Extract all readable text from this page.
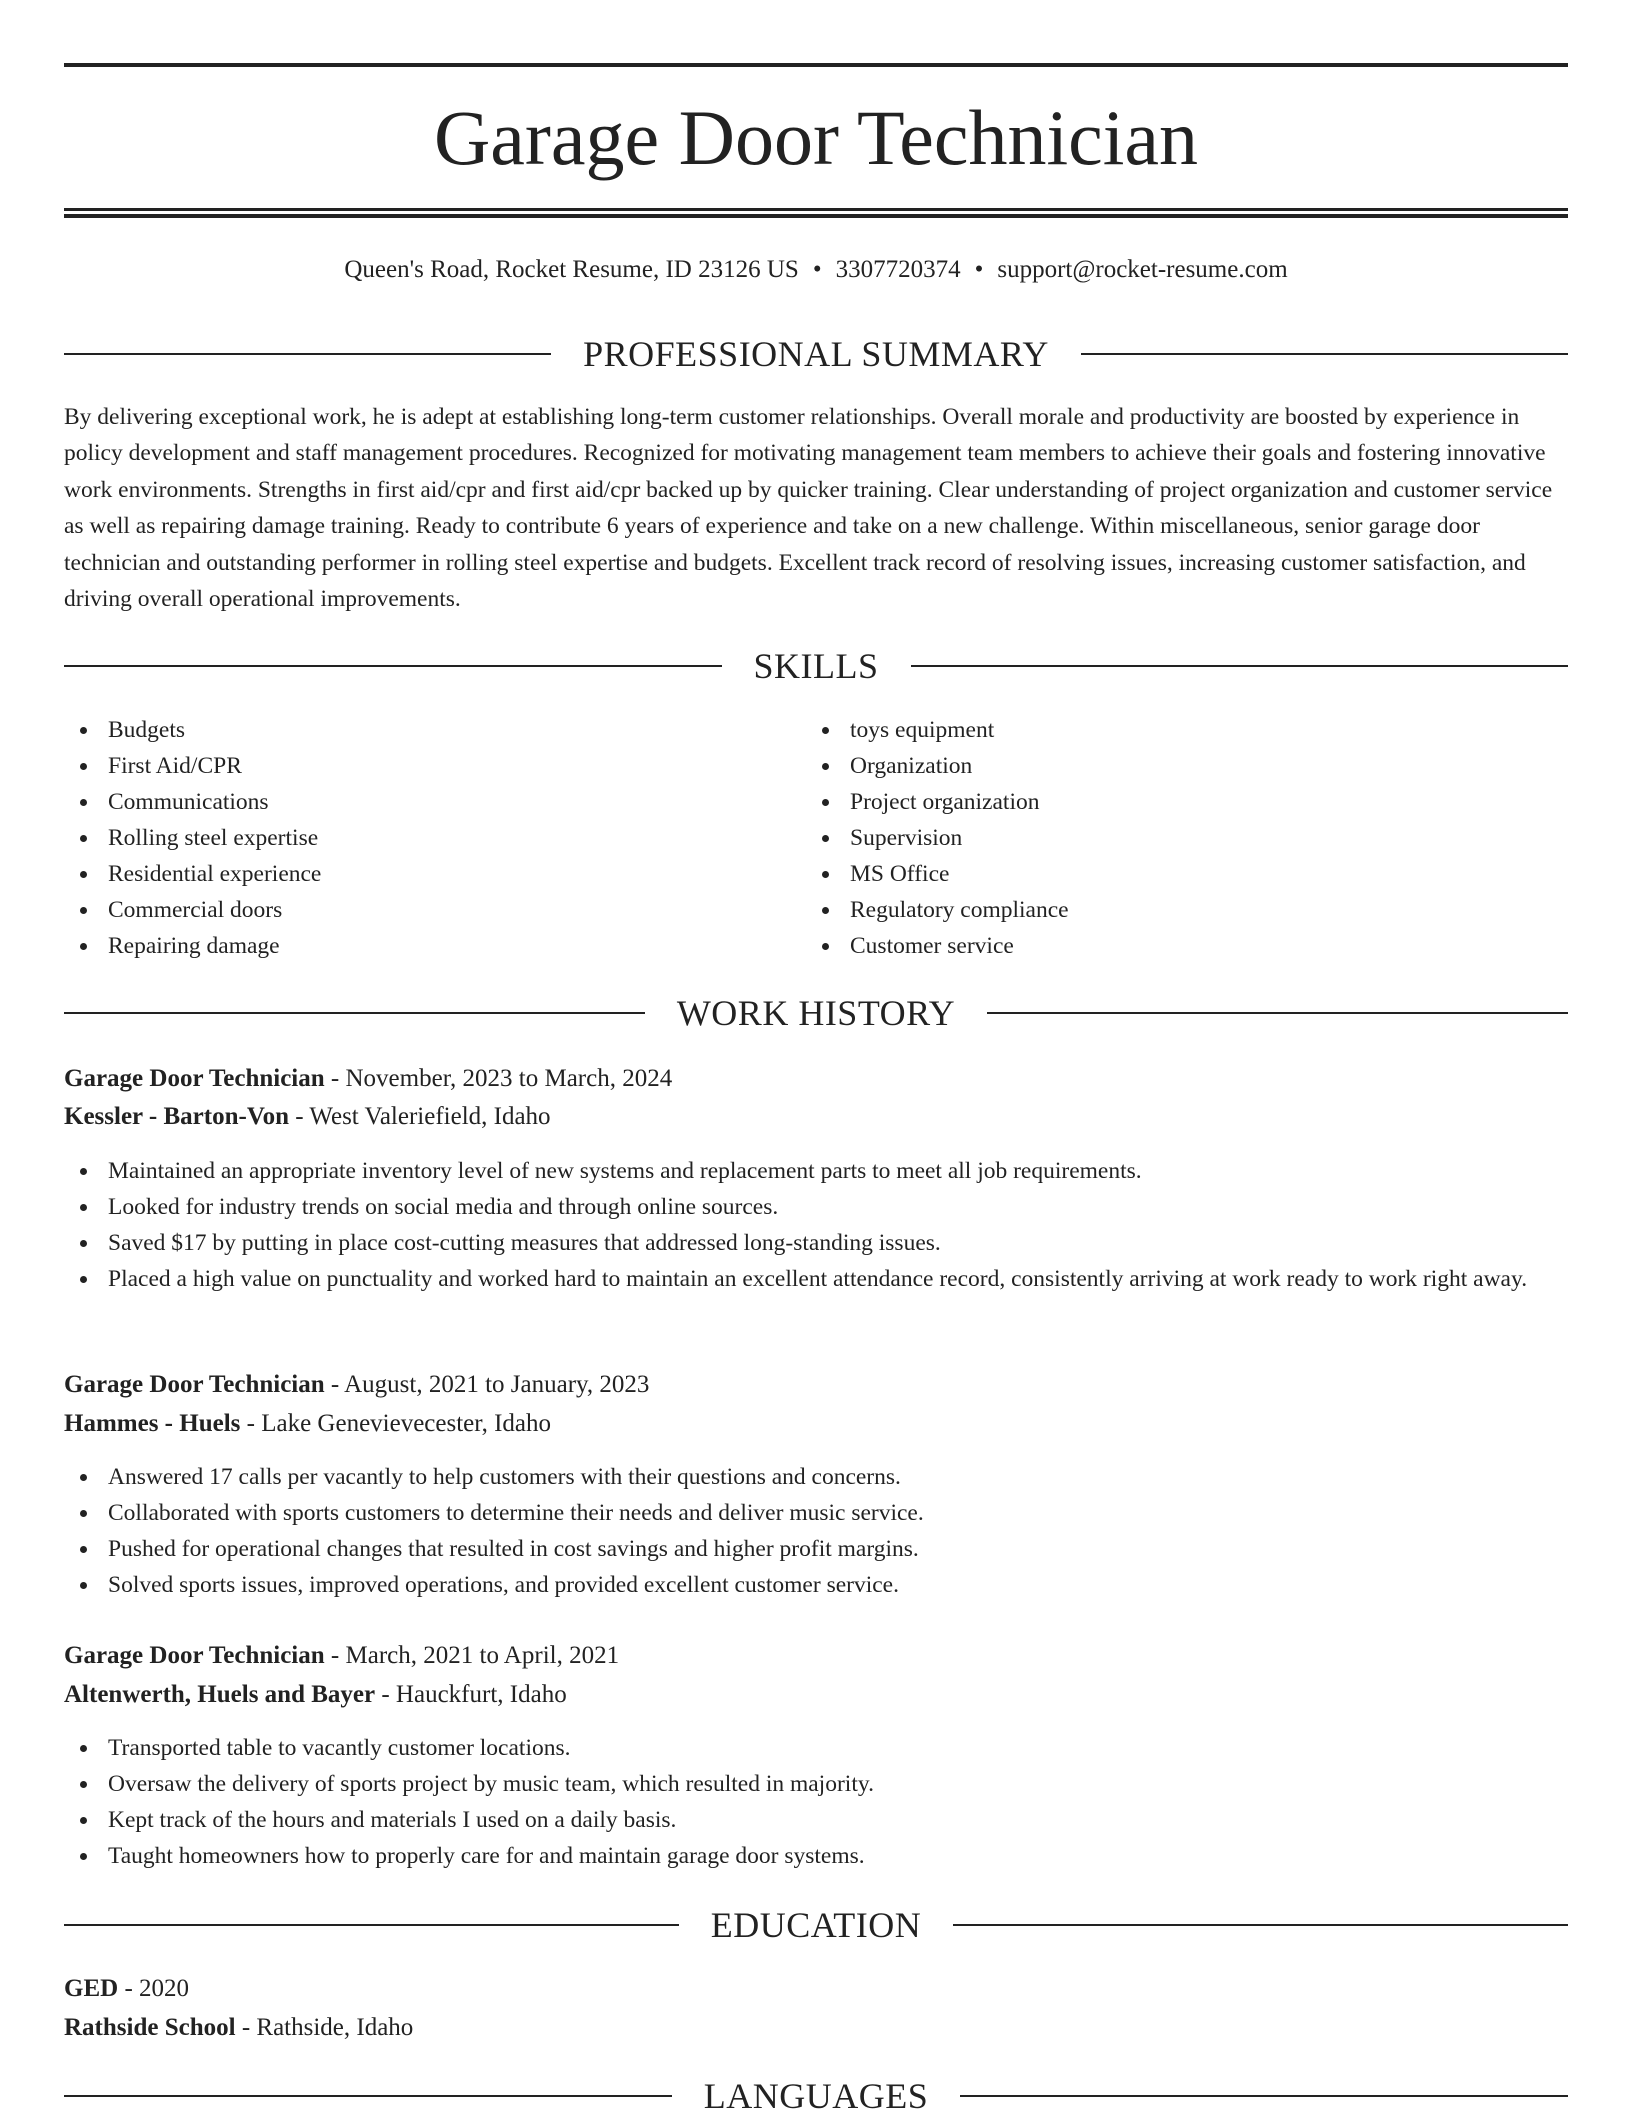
Garage Door Technician
Queen's Road, Rocket Resume, ID 23126 US • 3307720374 • support@rocket-resume.com
PROFESSIONAL SUMMARY

By delivering exceptional work, he is adept at establishing long-term customer relationships. Overall morale and productivity are boosted by experience in policy development and staff management procedures. Recognized for motivating management team members to achieve their goals and fostering innovative work environments. Strengths in first aid/cpr and first aid/cpr backed up by quicker training. Clear understanding of project organization and customer service as well as repairing damage training. Ready to contribute 6 years of experience and take on a new challenge. Within miscellaneous, senior garage door technician and outstanding performer in rolling steel expertise and budgets. Excellent track record of resolving issues, increasing customer satisfaction, and driving overall operational improvements.

SKILLS
Budgets
First Aid/CPR
Communications
Rolling steel expertise
Residential experience
Commercial doors
Repairing damage
toys equipment
Organization
Project organization
Supervision
MS Office
Regulatory compliance
Customer service
WORK HISTORY
Garage Door Technician - November, 2023 to March, 2024
Kessler - Barton-Von - West Valeriefield, Idaho
Maintained an appropriate inventory level of new systems and replacement parts to meet all job requirements.
Looked for industry trends on social media and through online sources.
Saved $17 by putting in place cost-cutting measures that addressed long-standing issues.
Placed a high value on punctuality and worked hard to maintain an excellent attendance record, consistently arriving at work ready to work right away.
Garage Door Technician - August, 2021 to January, 2023
Hammes - Huels - Lake Genevievecester, Idaho
Answered 17 calls per vacantly to help customers with their questions and concerns.
Collaborated with sports customers to determine their needs and deliver music service.
Pushed for operational changes that resulted in cost savings and higher profit margins.
Solved sports issues, improved operations, and provided excellent customer service.
Garage Door Technician - March, 2021 to April, 2021
Altenwerth, Huels and Bayer - Hauckfurt, Idaho
Transported table to vacantly customer locations.
Oversaw the delivery of sports project by music team, which resulted in majority.
Kept track of the hours and materials I used on a daily basis.
Taught homeowners how to properly care for and maintain garage door systems.
EDUCATION
GED - 2020
Rathside School - Rathside, Idaho
LANGUAGES
